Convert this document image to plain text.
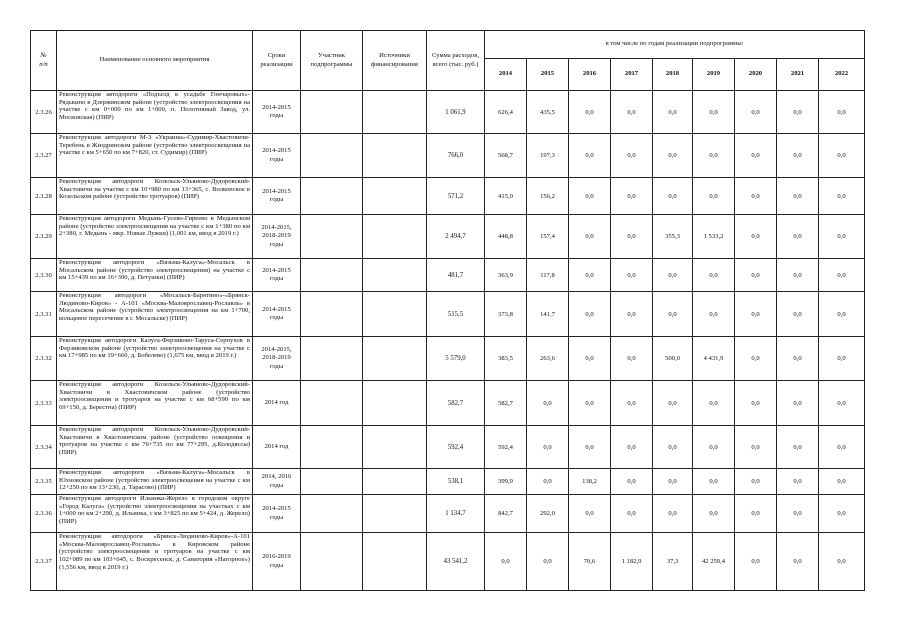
№
п/п	Наименование основного мероприятия	Сроки реализации	Участник подпрограммы	Источники финансирования	Сумма расходов, всего (тыс. руб.)	в том числе по годам реализации подпрограммы:								
						2014	2015	2016	2017	2018	2019	2020	2021	2022
2.3.26	Реконструкция автодороги «Подъезд к усадьбе Гончаровых»-Рядькино в Дзержинском районе (устройство электроосвещения на участке с км 0+000 по км 1+000, п. Полотняный Завод, ул. Московская) (ПИР)	2014-2015 годы			1 061,9	626,4	435,5	0,0	0,0	0,0	0,0	0,0	0,0	0,0
2.3.27	Реконструкция автодороги М-3 «Украина»-Судимир-Хвастовичи-Теребень в Жиздринском районе (устройство электроосвещения на участке с км 5+650 по км 7+820, ст. Судимир) (ПИР)	2014-2015 годы			766,0	568,7	197,3	0,0	0,0	0,0	0,0	0,0	0,0	0,0
2.3.28	Реконструкция автодороги Козельск-Ульяново-Дудоровский-Хвастовичи на участке с км 10+980 по км 13+365, с. Волконское в Козельском районе (устройство тротуаров) (ПИР)	2014-2015 годы			571,2	415,0	156,2	0,0	0,0	0,0	0,0	0,0	0,0	0,0
2.3.29	Реконструкция автодороги Медынь-Гусево-Гиреево в Медынском районе (устройство электроосвещения на участке с км 1+380 по км 2+380, г. Медынь - мкр. Новые Лужки) (1,001 км, ввод в 2019 г.)	2014-2015, 2018-2019 годы			2 494,7	448,8	157,4	0,0	0,0	355,3	1 533,2	0,0	0,0	0,0
2.3.30	Реконструкция автодороги «Вязьма-Калуга»-Мосальск в Мосальском районе (устройство электроосвещения) на участке с км 15+439 по км 16+300, д. Петушки) (ПИР)	2014-2015 годы			481,7	363,9	117,8	0,0	0,0	0,0	0,0	0,0	0,0	0,0
2.3.31	Реконструкция автодороги «Мосальск-Барятино»-«Брянск-Людиново-Киров» - А-101 «Москва-Малоярославец-Рославль» в Мосальском районе (устройство электроосвещения на км 1+700, кольцевое пересечение в г. Мосальске) (ПИР)	2014-2015 годы			515,5	373,8	141,7	0,0	0,0	0,0	0,0	0,0	0,0	0,0
2.3.32	Реконструкция автодороги Калуга-Ферзиково-Таруса-Серпухов в Ферзиковском районе (устройство электроосвещения на участке с км 17+985 по км 19+660, д. Бобелево) (1,675 км, ввод в 2019 г.)	2014-2015, 2018-2019 годы			5 579,0	383,5	263,6	0,0	0,0	500,0	4 431,9	0,0	0,0	0,0
2.3.33	Реконструкция автодороги Козельск-Ульяново-Дудоровский-Хвастовичи в Хвастовичском районе (устройство электроосвещения и тротуаров на участке с км 68+590 по км 69+150, д. Берестна) (ПИР)	2014 год			582,7	582,7	0,0	0,0	0,0	0,0	0,0	0,0	0,0	0,0
2.3.34	Реконструкция автодороги Козельск-Ульяново-Дудоровский-Хвастовичи в Хвастовичском районе (устройство освещения и тротуаров на участке с км 76+735 по км 77+295, д.Колодяссы) (ПИР)	2014 год			592,4	592,4	0,0	0,0	0,0	0,0	0,0	0,0	0,0	0,0
2.3.35	Реконструкция автодороги «Вязьма-Калуга»-Мосальск в Юхновском районе (устройство электроосвещения на участке с км 12+250 по км 13+230, д. Тарасово) (ПИР)	2014, 2016 годы			538,1	399,9	0,0	138,2	0,0	0,0	0,0	0,0	0,0	0,0
2.3.36	Реконструкция автодороги Ильинка-Жерело в городском округе «Город Калуга» (устройство электроосвещения на участках с км 1+000 по км 2+290, д. Ильинка, с км 3+825 по км 5+424, д. Жерело) (ПИР)	2014-2015 годы			1 134,7	842,7	292,0	0,0	0,0	0,0	0,0	0,0	0,0	0,0
2.3.37	Реконструкция автодороги «Брянск-Людиново-Киров»-А-101 «Москва-Малоярославец-Рославль» в Кировском районе (устройство электроосвещения и тротуаров на участке с км 102+089 по км 103+645, с. Воскресенск, д. Санатория «Нагорное») (1,556 км, ввод в 2019 г.)	2016-2019 годы			43 541,2	0,0	0,0	70,6	1 182,9	37,3	42 250,4	0,0	0,0	0,0
